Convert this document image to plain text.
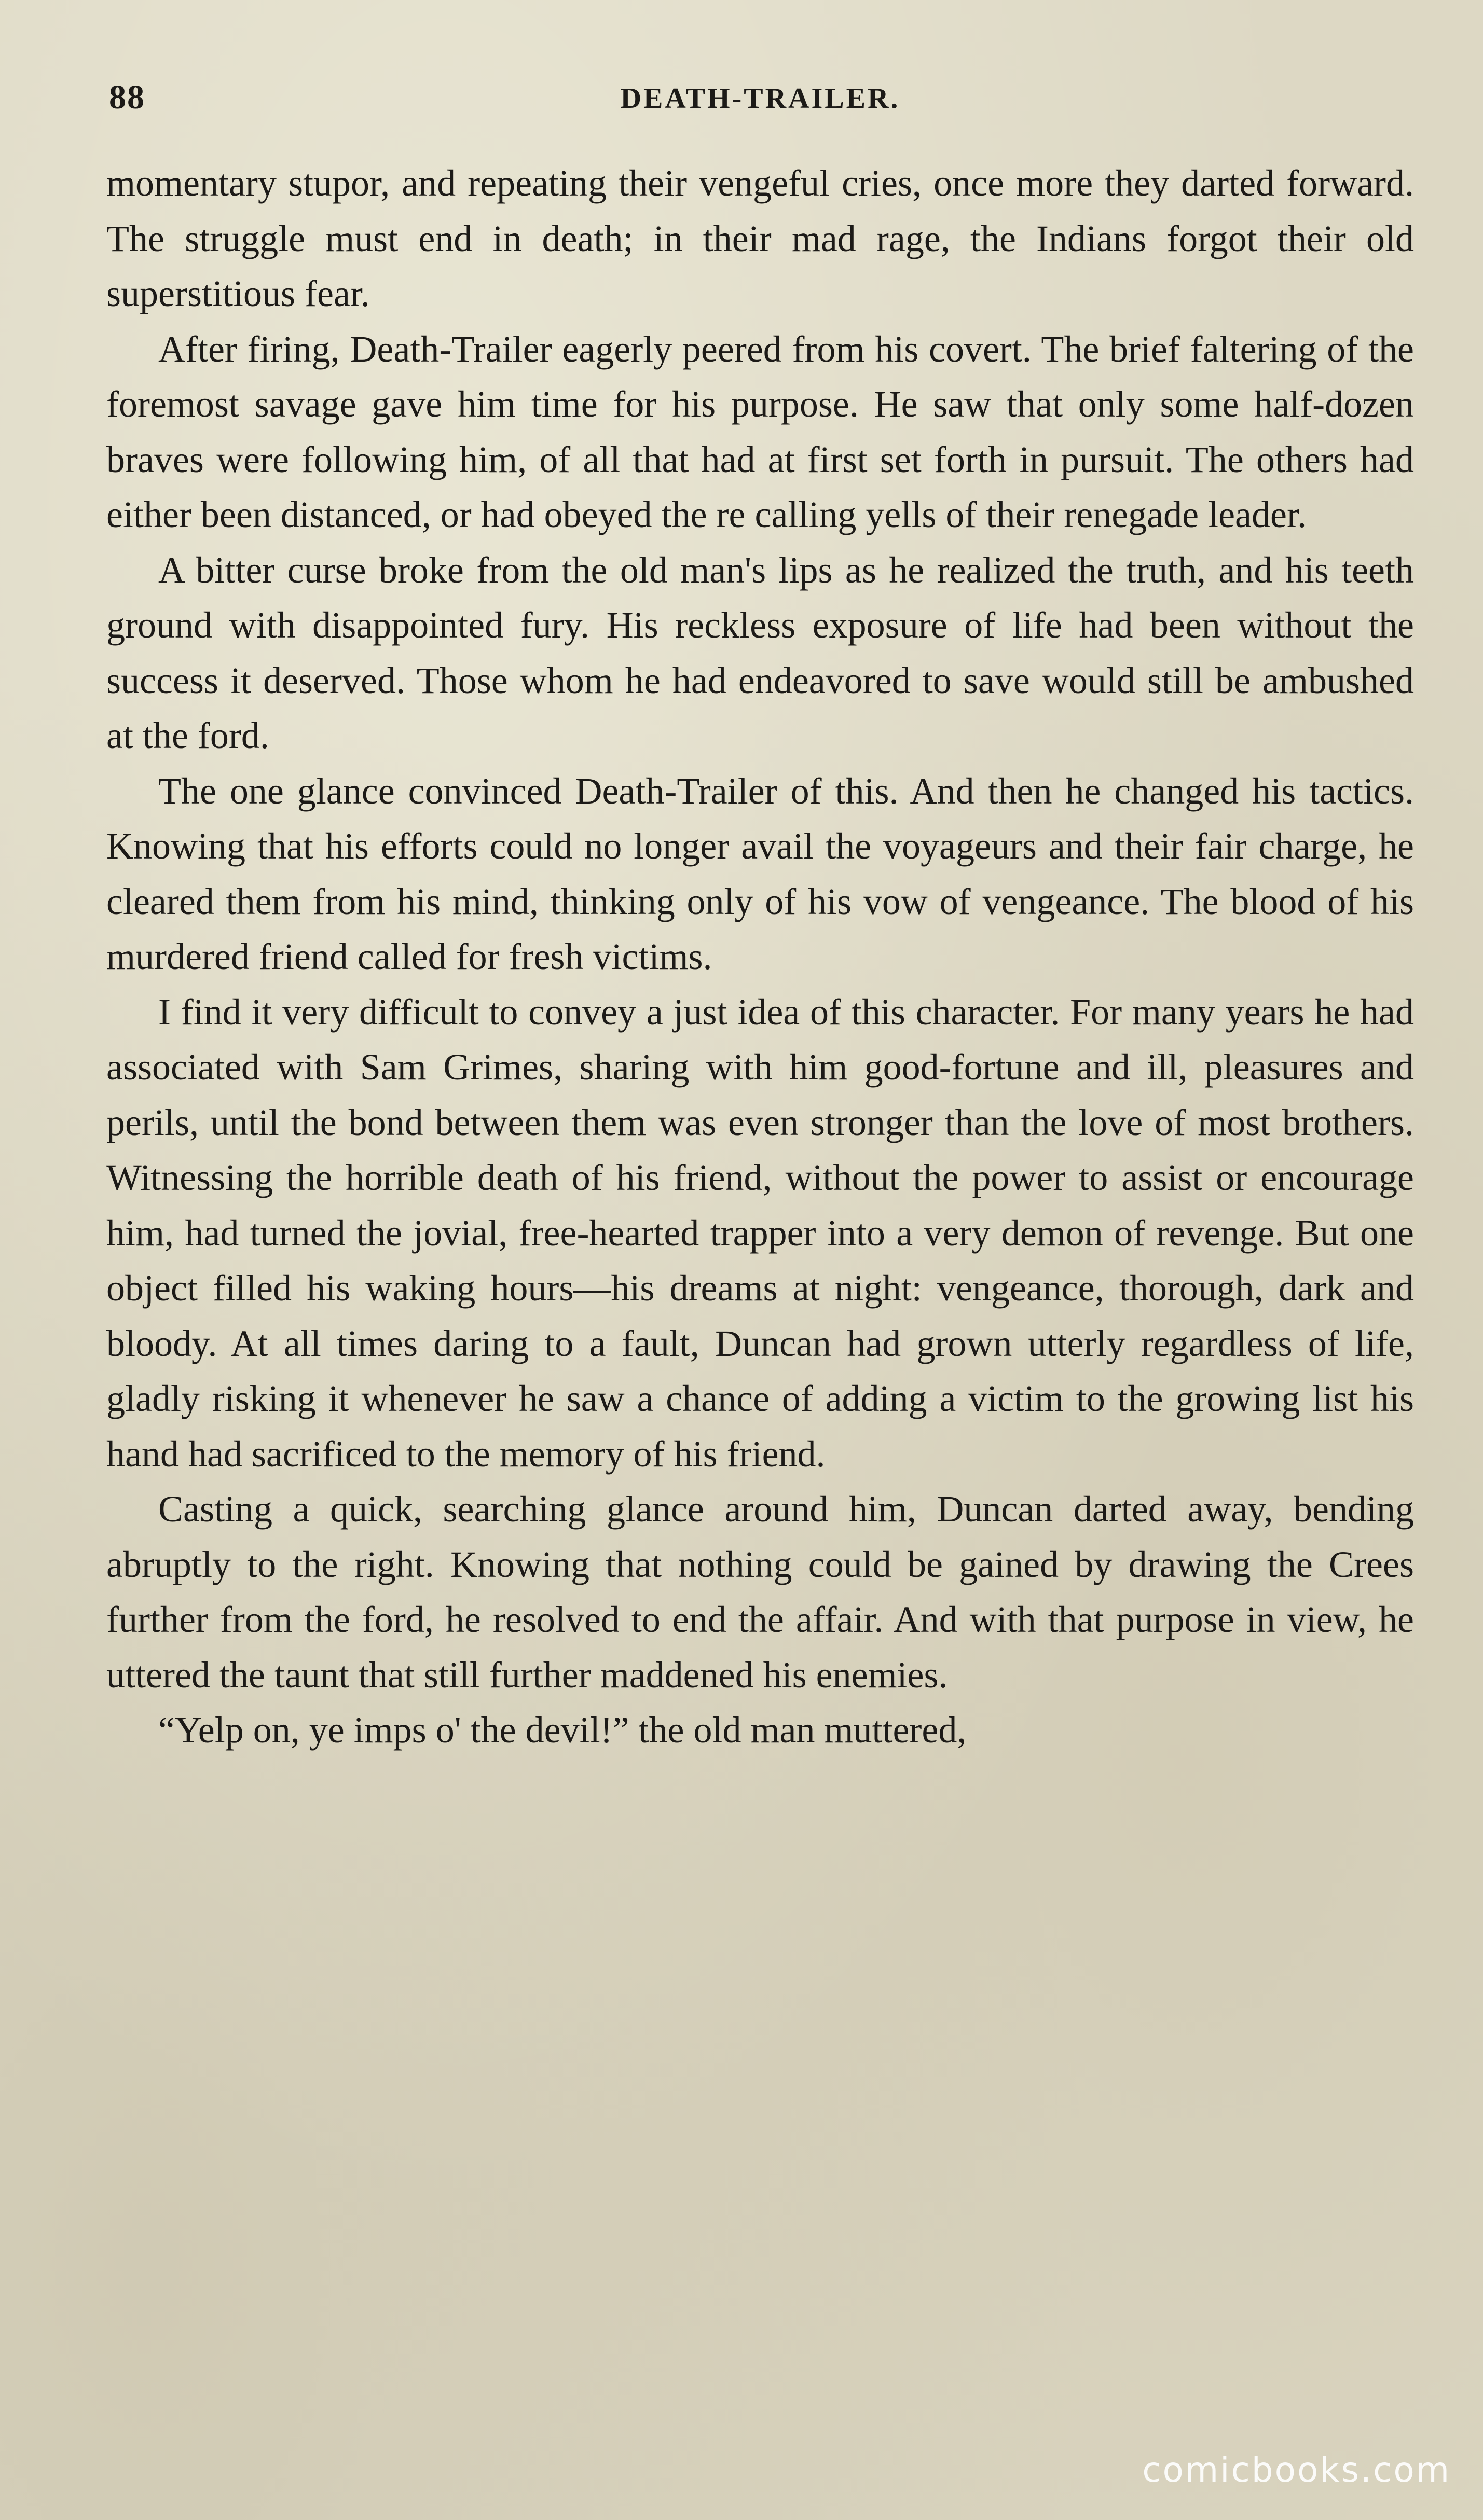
88	DEATH-TRAILER.

momentary stupor, and repeating their vengeful cries, once more they darted forward. The struggle must end in death; in their mad rage, the Indians forgot their old superstitious fear.

After firing, Death-Trailer eagerly peered from his covert. The brief faltering of the foremost savage gave him time for his purpose. He saw that only some half-dozen braves were following him, of all that had at first set forth in pursuit. The others had either been distanced, or had obeyed the re calling yells of their renegade leader.

A bitter curse broke from the old man's lips as he realized the truth, and his teeth ground with disappointed fury. His reckless exposure of life had been without the success it deserved. Those whom he had endeavored to save would still be ambushed at the ford.

The one glance convinced Death-Trailer of this. And then he changed his tactics. Knowing that his efforts could no longer avail the voyageurs and their fair charge, he cleared them from his mind, thinking only of his vow of vengeance. The blood of his murdered friend called for fresh victims.

I find it very difficult to convey a just idea of this character. For many years he had associated with Sam Grimes, sharing with him good-fortune and ill, pleasures and perils, until the bond between them was even stronger than the love of most brothers. Witnessing the horrible death of his friend, without the power to assist or encourage him, had turned the jovial, free-hearted trapper into a very demon of revenge. But one object filled his waking hours—his dreams at night: vengeance, thorough, dark and bloody. At all times daring to a fault, Duncan had grown utterly regardless of life, gladly risking it whenever he saw a chance of adding a victim to the growing list his hand had sacrificed to the memory of his friend.

Casting a quick, searching glance around him, Duncan darted away, bending abruptly to the right. Knowing that nothing could be gained by drawing the Crees further from the ford, he resolved to end the affair. And with that purpose in view, he uttered the taunt that still further maddened his enemies.

“Yelp on, ye imps o' the devil!” the old man muttered,

comicbooks.com
